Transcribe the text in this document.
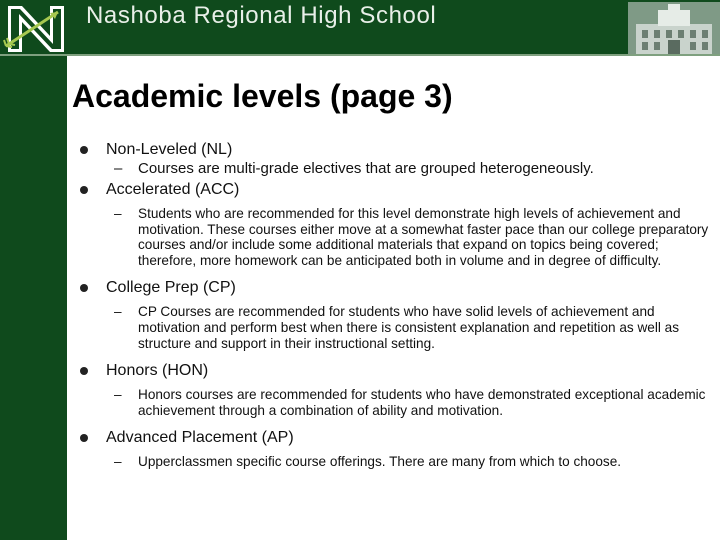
Nashoba Regional High School
Academic levels (page 3)

Non-Leveled (NL)

– Courses are multi-grade electives that are grouped heterogeneously.

Accelerated (ACC)

– Students who are recommended for this level demonstrate high levels of achievement and motivation. These courses either move at a somewhat faster pace than our college preparatory courses and/or include some additional materials that expand on topics being covered; therefore, more homework can be anticipated both in volume and in degree of difficulty.

College Prep (CP)

– CP Courses are recommended for students who have solid levels of achievement and motivation and perform best when there is consistent explanation and repetition as well as structure and support in their instructional setting.

Honors (HON)

– Honors courses are recommended for students who have demonstrated exceptional academic achievement through a combination of ability and motivation.

Advanced Placement (AP)

– Upperclassmen specific course offerings. There are many from which to choose.
